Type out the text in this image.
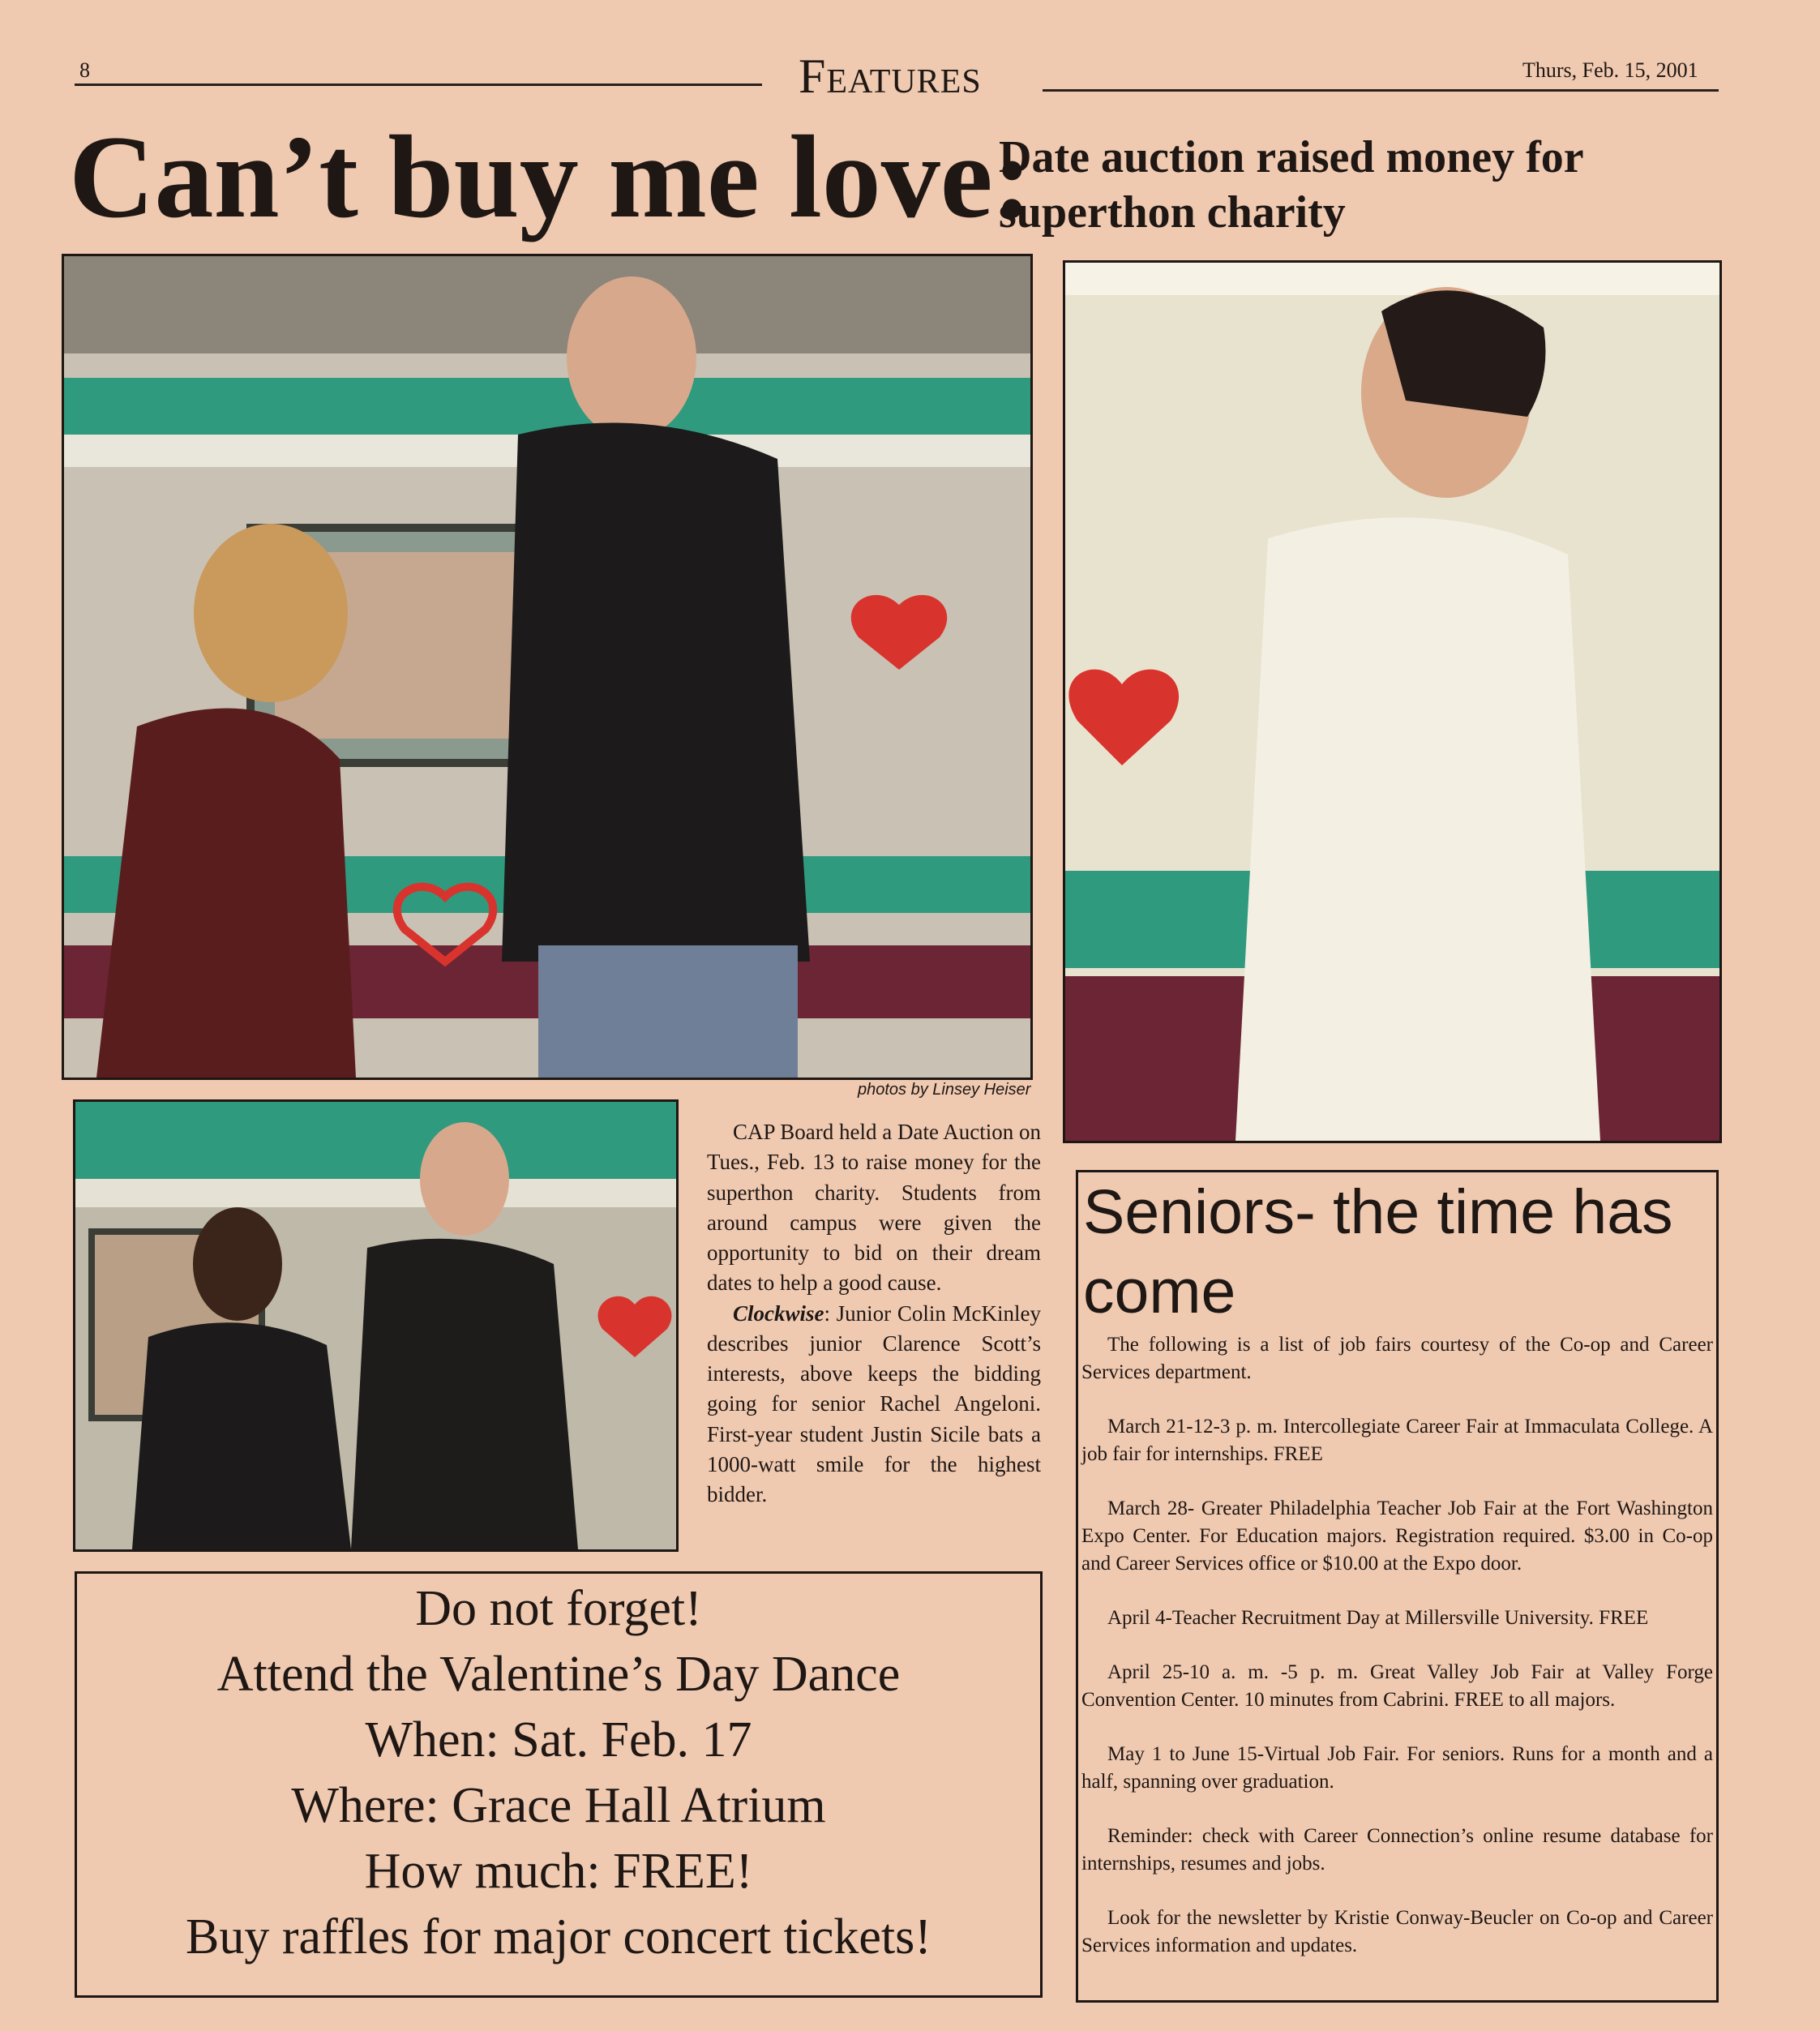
8	Features	Thurs, Feb. 15, 2001
Can’t buy me love:
Date auction raised money for superthon charity
photos by Linsey Heiser

CAP Board held a Date Auction on Tues., Feb. 13 to raise money for the superthon charity. Students from around campus were given the opportunity to bid on their dream dates to help a good cause.

Clockwise: Junior Colin McKinley describes junior Clarence Scott’s interests, above keeps the bidding going for senior Rachel Angeloni. First-year student Justin Sicile bats a 1000-watt smile for the highest bidder.

Do not forget!
Attend the Valentine’s Day Dance
When: Sat. Feb. 17
Where: Grace Hall Atrium
How much: FREE!
Buy raffles for major concert tickets!
Seniors- the time has come

The following is a list of job fairs courtesy of the Co-op and Career Services department.

March 21-12-3 p. m. Intercollegiate Career Fair at Immaculata College. A job fair for internships. FREE

March 28- Greater Philadelphia Teacher Job Fair at the Fort Washington Expo Center. For Education majors. Registration required. $3.00 in Co-op and Career Services office or $10.00 at the Expo door.

April 4-Teacher Recruitment Day at Millersville University. FREE

April 25-10 a. m. -5 p. m. Great Valley Job Fair at Valley Forge Convention Center. 10 minutes from Cabrini. FREE to all majors.

May 1 to June 15-Virtual Job Fair. For seniors. Runs for a month and a half, spanning over graduation.

Reminder: check with Career Connection’s online resume database for internships, resumes and jobs.

Look for the newsletter by Kristie Conway-Beucler on Co-op and Career Services information and updates.
